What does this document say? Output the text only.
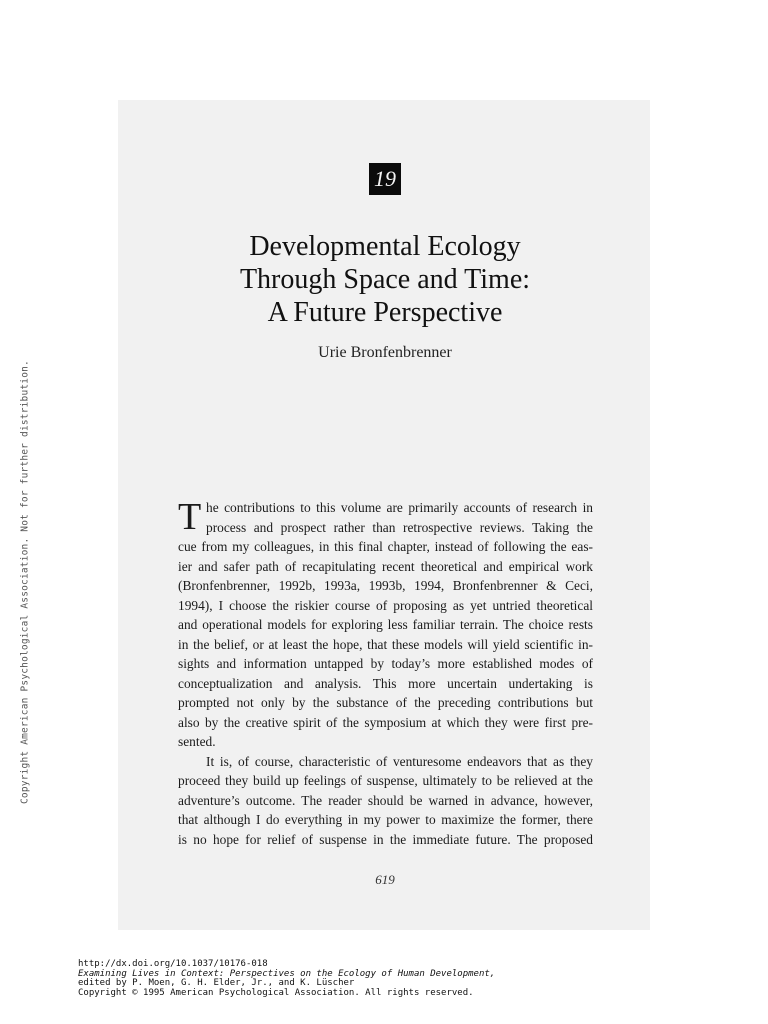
Copyright American Psychological Association. Not for further distribution.
19
Developmental Ecology
Through Space and Time:
A Future Perspective
Urie Bronfenbrenner
T he contributions to this volume are primarily accounts of research in
process and prospect rather than retrospective reviews. Taking the
cue from my colleagues, in this final chapter, instead of following the eas-
ier and safer path of recapitulating recent theoretical and empirical work
(Bronfenbrenner, 1992b, 1993a, 1993b, 1994, Bronfenbrenner & Ceci,
1994), I choose the riskier course of proposing as yet untried theoretical
and operational models for exploring less familiar terrain. The choice rests
in the belief, or at least the hope, that these models will yield scientific in-
sights and information untapped by today’s more established modes of
conceptualization and analysis. This more uncertain undertaking is
prompted not only by the substance of the preceding contributions but
also by the creative spirit of the symposium at which they were first pre-
sented.
It is, of course, characteristic of venturesome endeavors that as they
proceed they build up feelings of suspense, ultimately to be relieved at the
adventure’s outcome. The reader should be warned in advance, however,
that although I do everything in my power to maximize the former, there
is no hope for relief of suspense in the immediate future. The proposed
619
http://dx.doi.org/10.1037/10176-018
Examining Lives in Context: Perspectives on the Ecology of Human Development,
edited by P. Moen, G. H. Elder, Jr., and K. Lüscher
Copyright © 1995 American Psychological Association. All rights reserved.
